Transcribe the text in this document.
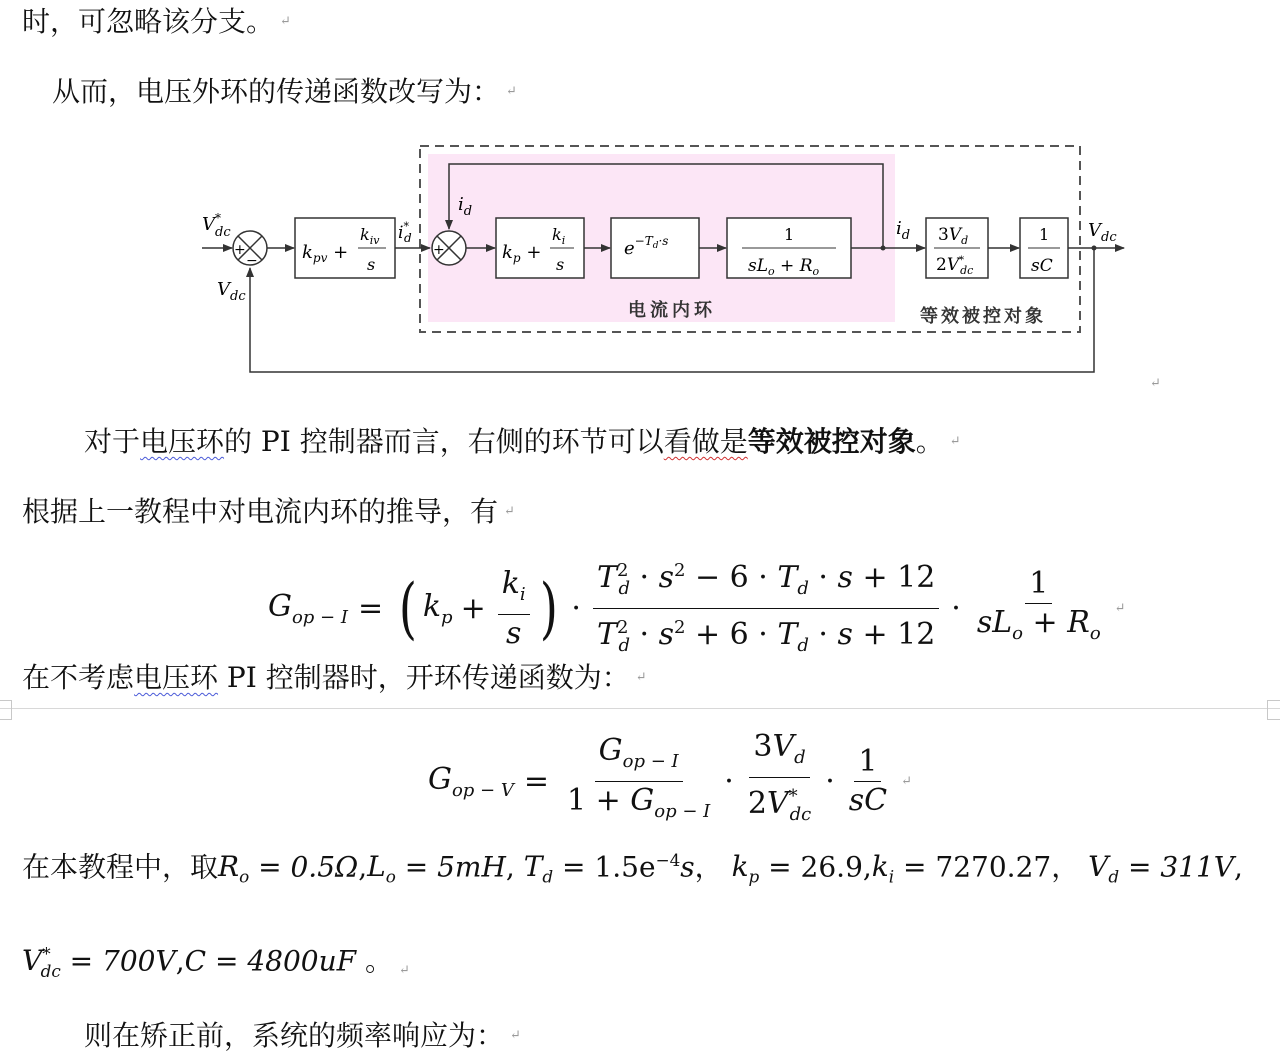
时，可忽略该分支。 ↵
从而，电压外环的传递函数改写为： ↵
V* dc
+
−
$V_{dc}$
$k_{pv}$ +
$k_{iv}$
s
i* d
+
$i_d$
$k_p$ +
$k_i$
s
$e^{-T}d\cdot s$	1
$sL_o + R_o$
$i_d$ $3V_d$
2V* dc
1
sC
$V_{dc}$
电流内环	等效被控对象
↵
对于电压环的 PI 控制器而言，右侧的环节可以看做是等效被控对象。 ↵
根据上一教程中对电流内环的推导，有 ↵
$G_{op - I}$ = ( $k_p + \frac{k_i}{s}$ ) · $\frac{T^2_d \cdot s^2 - 6 \cdot T_d \cdot s + 12}{T^2_d \cdot s^2 + 6 \cdot T_d \cdot s + 12} \cdot \frac{1}{sL_o + R_o}$ ↵
在不考虑电压环 PI 控制器时，开环传递函数为： ↵
$G_{op - V} = \frac{G_{op - I}}{1 + G_{op - I}} \cdot \frac{3V_d}{2V^*_{dc}} \cdot \frac{1}{sC}$ ↵
在本教程中，取$R_o = 0.5\Omega,L_o = 5mH$, $T_d = 1.5e^{-4}s$， $k_p = 26.9,k_i = 7270.27$， $V_d = 311V$,
$V^*_{dc} = 700V,C = 4800uF$ 。 ↵
则在矫正前，系统的频率响应为： ↵
